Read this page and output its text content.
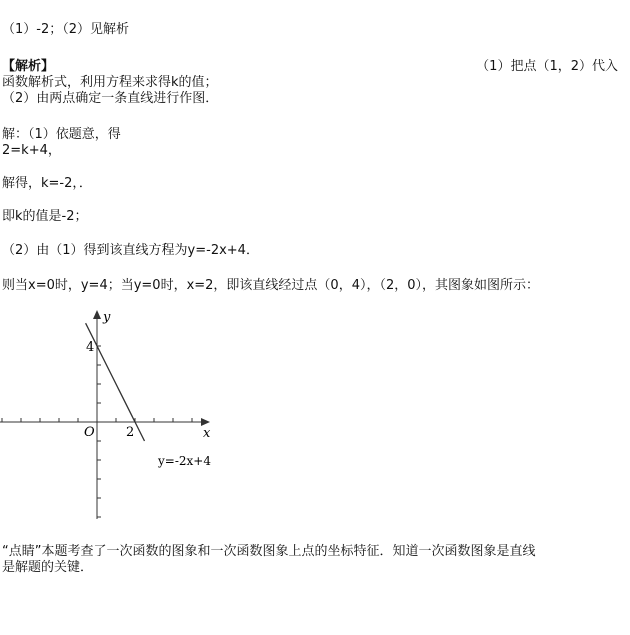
（1）-2；（2）见解析
【解析】	（1）把点（1，2）代入
函数解析式，利用方程来求得k的值；
（2）由两点确定一条直线进行作图．
解：（1）依题意，得
2=k+4，
解得，k=-2，．
即k的值是-2；
（2）由（1）得到该直线方程为y=-2x+4．
则当x=0时，y=4；当y=0时，x=2，即该直线经过点（0，4），（2，0），其图象如图所示：
x
y
O
4
2
y=-2x+4
“点睛”本题考查了一次函数的图象和一次函数图象上点的坐标特征．知道一次函数图象是直线
是解题的关键．
